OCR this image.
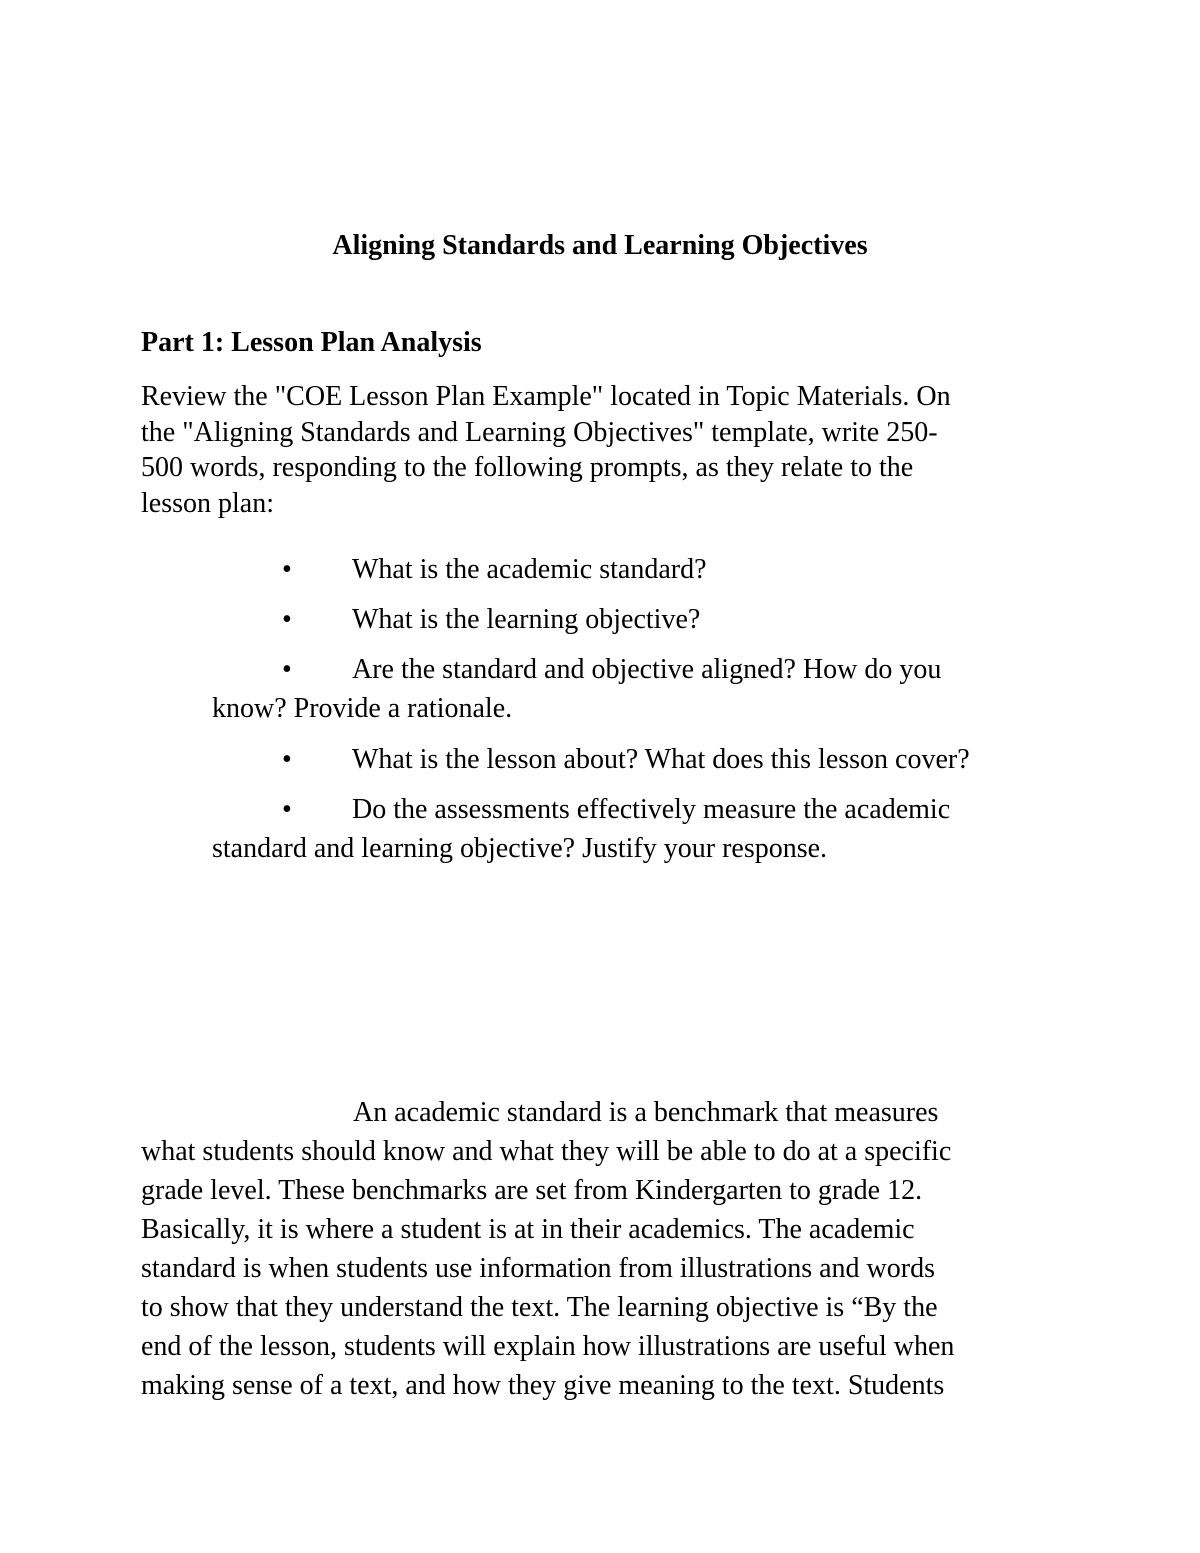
Aligning Standards and Learning Objectives
Part 1: Lesson Plan Analysis

Review the "COE Lesson Plan Example" located in Topic Materials. On
the "Aligning Standards and Learning Objectives" template, write 250-
500 words, responding to the following prompts, as they relate to the
lesson plan:

• What is the academic standard?
• What is the learning objective?
• Are the standard and objective aligned? How do you
know? Provide a rationale.
• What is the lesson about? What does this lesson cover?
• Do the assessments effectively measure the academic
standard and learning objective? Justify your response.

An academic standard is a benchmark that measures
what students should know and what they will be able to do at a specific
grade level. These benchmarks are set from Kindergarten to grade 12.
Basically, it is where a student is at in their academics. The academic
standard is when students use information from illustrations and words
to show that they understand the text. The learning objective is “By the
end of the lesson, students will explain how illustrations are useful when
making sense of a text, and how they give meaning to the text. Students
